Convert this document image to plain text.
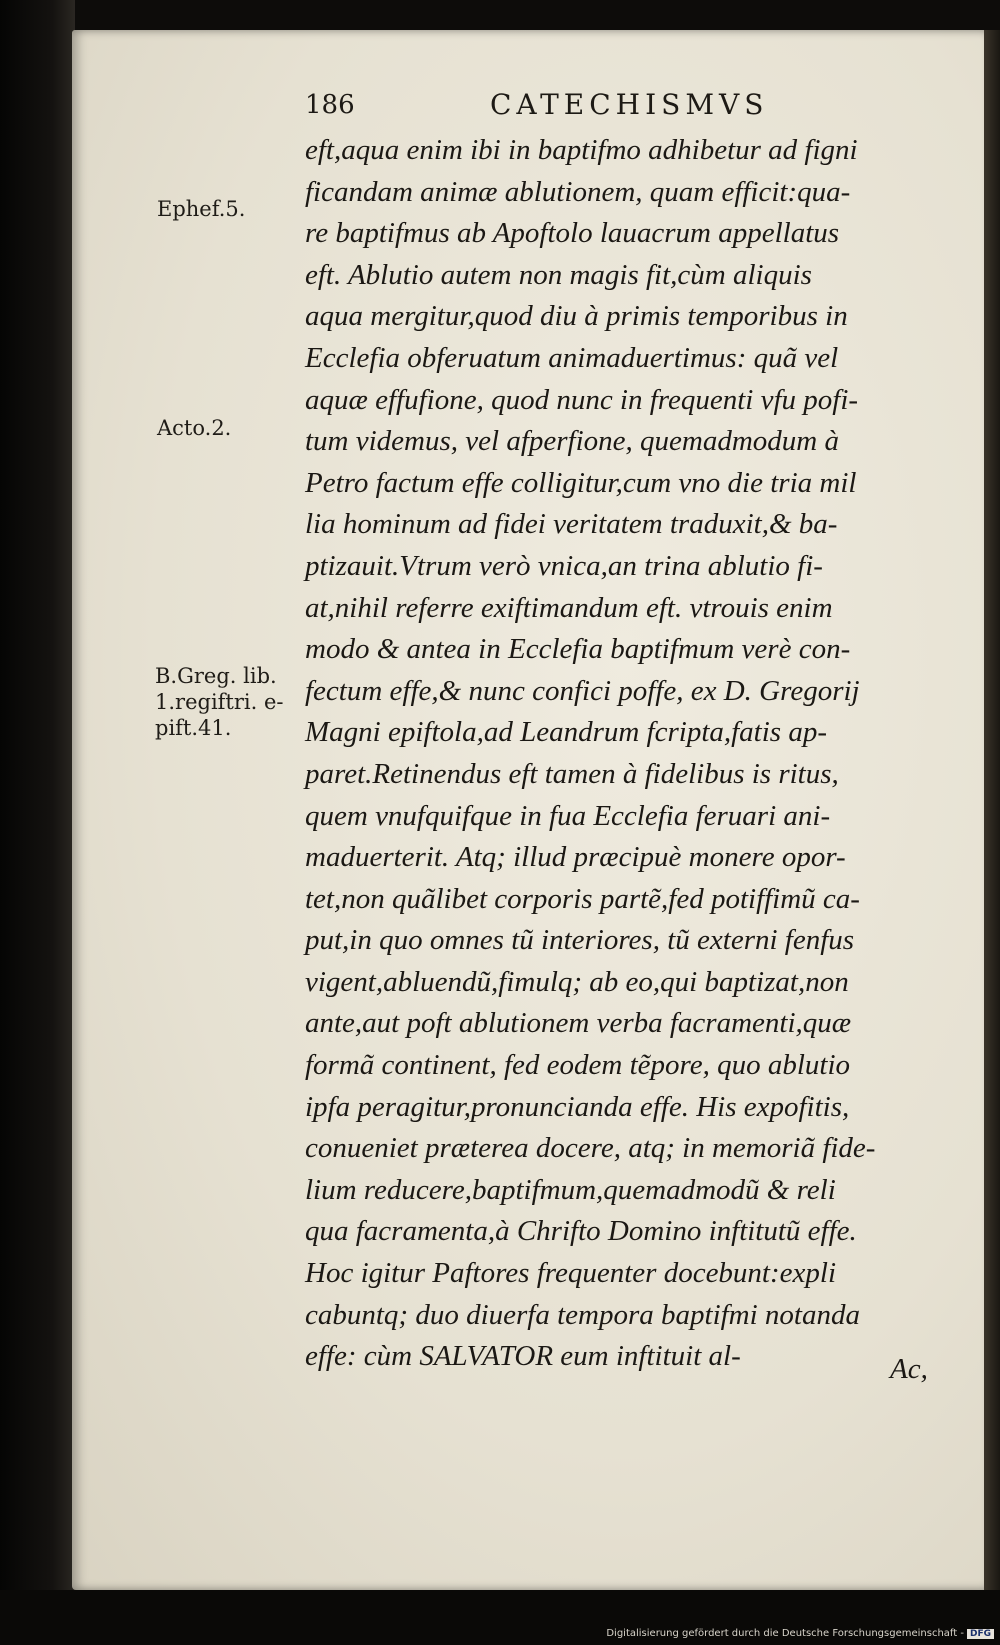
186	CATECHISMVS
Ephef.5.
Acto.2.
B.Greg. lib.
1.regiftri. e-
pift.41.
eft,aqua enim ibi in baptifmo adhibetur ad figni
ficandam animæ ablutionem, quam efficit:qua-
re baptifmus ab Apoftolo lauacrum appellatus
eft. Ablutio autem non magis fit,cùm aliquis
aqua mergitur,quod diu à primis temporibus in
Ecclefia obferuatum animaduertimus: quã vel
aquæ effufione, quod nunc in frequenti vfu pofi-
tum videmus, vel afperfione, quemadmodum à
Petro factum effe colligitur,cum vno die tria mil
lia hominum ad fidei veritatem traduxit,& ba-
ptizauit.Vtrum verò vnica,an trina ablutio fi-
at,nihil referre exiftimandum eft. vtrouis enim
modo & antea in Ecclefia baptifmum verè con-
fectum effe,& nunc confici poffe, ex D. Gregorij
Magni epiftola,ad Leandrum fcripta,fatis ap-
paret.Retinendus eft tamen à fidelibus is ritus,
quem vnufquifque in fua Ecclefia feruari ani-
maduerterit. Atq; illud præcipuè monere opor-
tet,non quãlibet corporis partẽ,fed potiffimũ ca-
put,in quo omnes tũ interiores, tũ externi fenfus
vigent,abluendũ,fimulq; ab eo,qui baptizat,non
ante,aut poft ablutionem verba facramenti,quæ
formã continent, fed eodem tẽpore, quo ablutio
ipfa peragitur,pronuncianda effe. His expofitis,
conueniet præterea docere, atq; in memoriã fide-
lium reducere,baptifmum,quemadmodũ & reli
qua facramenta,à Chrifto Domino inftitutũ effe.
Hoc igitur Paftores frequenter docebunt:expli
cabuntq; duo diuerfa tempora baptifmi notanda
effe: cùm SALVATOR eum inftituit al-	Ac,
Digitalisierung gefördert durch die Deutsche Forschungsgemeinschaft - DFG
